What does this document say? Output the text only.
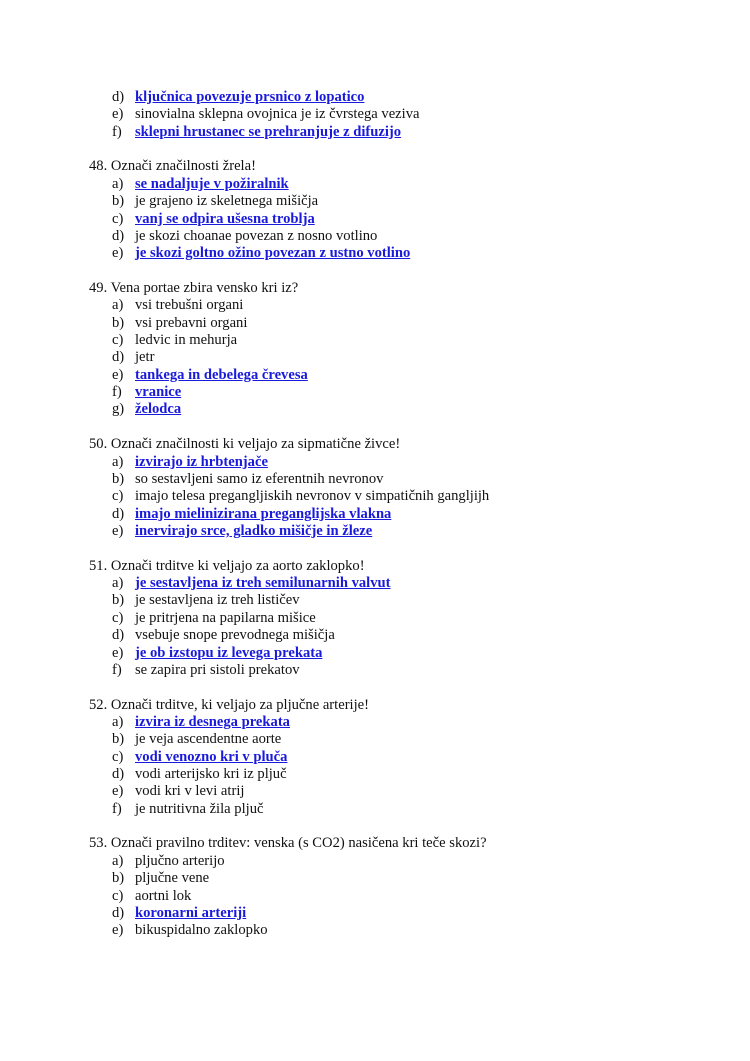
d) ključnica povezuje prsnico z lopatico
e) sinovialna sklepna ovojnica je iz čvrstega veziva
f) sklepni hrustanec se prehranjuje z difuzijo
48. Označi značilnosti žrela!
a) se nadaljuje v požiralnik
b) je grajeno iz skeletnega mišičja
c) vanj se odpira ušesna troblja
d) je skozi choanae povezan z nosno votlino
e) je skozi goltno ožino povezan z ustno votlino
49. Vena portae zbira vensko kri iz?
a) vsi trebušni organi
b) vsi prebavni organi
c) ledvic in mehurja
d) jetr
e) tankega in debelega črevesa
f) vranice
g) želodca
50. Označi značilnosti ki veljajo za sipmatične živce!
a) izvirajo iz hrbtenjače
b) so sestavljeni samo iz eferentnih nevronov
c) imajo telesa pregangljiskih nevronov v simpatičnih gangljijh
d) imajo mielinizirana preganglijska vlakna
e) inervirajo srce, gladko mišičje in žleze
51. Označi trditve ki veljajo za aorto zaklopko!
a) je sestavljena iz treh semilunarnih valvut
b) je sestavljena iz treh lističev
c) je pritrjena na papilarna mišice
d) vsebuje snope prevodnega mišičja
e) je ob izstopu iz levega prekata
f) se zapira pri sistoli prekatov
52. Označi trditve, ki veljajo za pljučne arterije!
a) izvira iz desnega prekata
b) je veja ascendentne aorte
c) vodi venozno kri v pluča
d) vodi arterijsko kri iz pljuč
e) vodi kri v levi atrij
f) je nutritivna žila pljuč
53. Označi pravilno trditev: venska (s CO2) nasičena kri teče skozi?
a) pljučno arterijo
b) pljučne vene
c) aortni lok
d) koronarni arteriji
e) bikuspidalno zaklopko
